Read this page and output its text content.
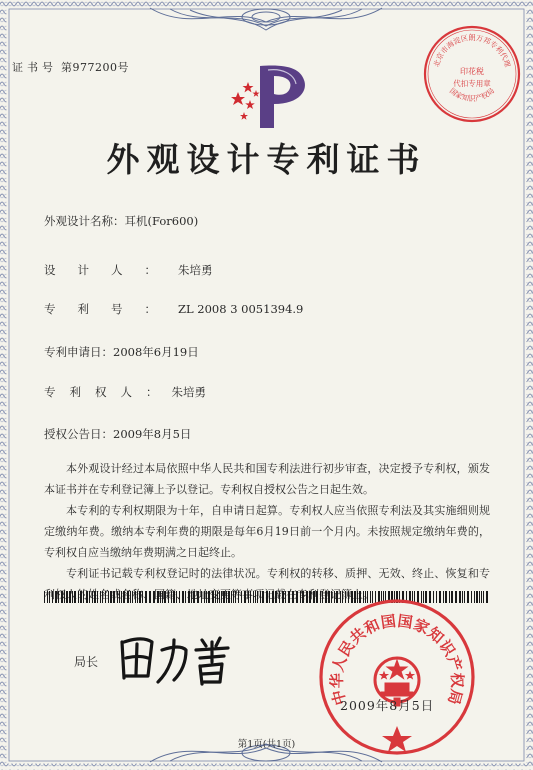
证书号 第977200号	北京市海淀区朗万邦专利代理
印花税
代扣专用章
国家知识产权局
外观设计专利证书
外观设计名称：耳机(For600)
设计人：朱培勇
专利号：ZL 2008 3 0051394.9
专利申请日：2008年6月19日
专利权人：朱培勇
授权公告日：2009年8月5日

本外观设计经过本局依照中华人民共和国专利法进行初步审查，决定授予专利权，颁发本证书并在专利登记簿上予以登记。专利权自授权公告之日起生效。

本专利的专利权期限为十年，自申请日起算。专利权人应当依照专利法及其实施细则规定缴纳年费。缴纳本专利年费的期限是每年6月19日前一个月内。未按照规定缴纳年费的，专利权自应当缴纳年费期满之日起终止。

专利证书记载专利权登记时的法律状况。专利权的转移、质押、无效、终止、恢复和专利权人的姓名或名称、国籍、地址变更等事项记载在专利登记簿上。

局长
中华人民共和国国家知识产权局
2009年8月5日
第1页(共1页)
